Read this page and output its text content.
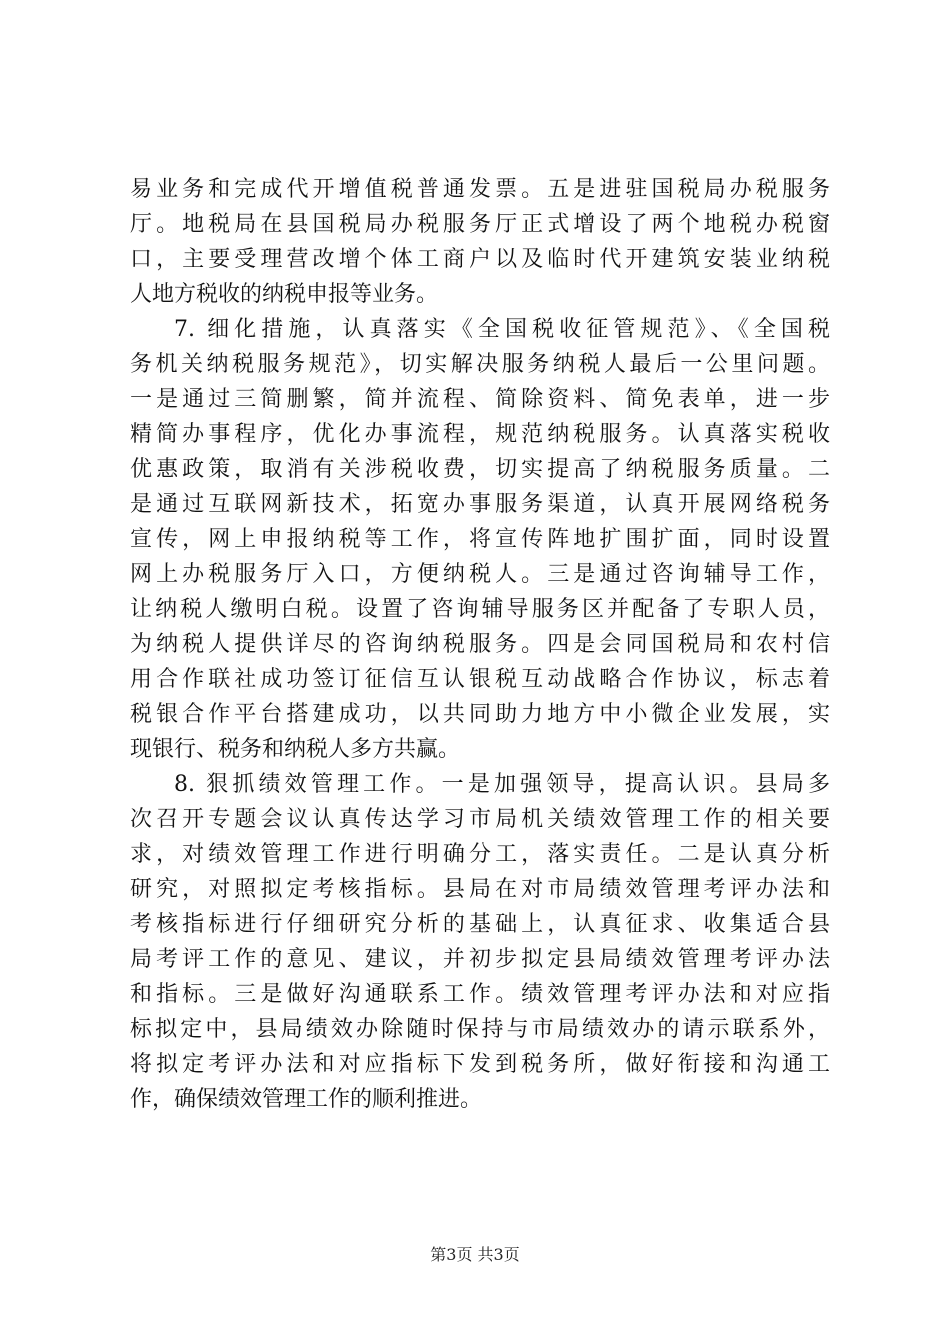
易业务和完成代开增值税普通发票。五是进驻国税局办税服务
厅。地税局在县国税局办税服务厅正式增设了两个地税办税窗
口，主要受理营改增个体工商户以及临时代开建筑安装业纳税
人地方税收的纳税申报等业务。
7. 细化措施，认真落实《全国税收征管规范》、《全国税
务机关纳税服务规范》，切实解决服务纳税人最后一公里问题。
一是通过三简删繁，简并流程、简除资料、简免表单，进一步
精简办事程序，优化办事流程，规范纳税服务。认真落实税收
优惠政策，取消有关涉税收费，切实提高了纳税服务质量。二
是通过互联网新技术，拓宽办事服务渠道，认真开展网络税务
宣传，网上申报纳税等工作，将宣传阵地扩围扩面，同时设置
网上办税服务厅入口，方便纳税人。三是通过咨询辅导工作，
让纳税人缴明白税。设置了咨询辅导服务区并配备了专职人员，
为纳税人提供详尽的咨询纳税服务。四是会同国税局和农村信
用合作联社成功签订征信互认银税互动战略合作协议，标志着
税银合作平台搭建成功，以共同助力地方中小微企业发展，实
现银行、税务和纳税人多方共赢。
8. 狠抓绩效管理工作。一是加强领导，提高认识。县局多
次召开专题会议认真传达学习市局机关绩效管理工作的相关要
求，对绩效管理工作进行明确分工，落实责任。二是认真分析
研究，对照拟定考核指标。县局在对市局绩效管理考评办法和
考核指标进行仔细研究分析的基础上，认真征求、收集适合县
局考评工作的意见、建议，并初步拟定县局绩效管理考评办法
和指标。三是做好沟通联系工作。绩效管理考评办法和对应指
标拟定中，县局绩效办除随时保持与市局绩效办的请示联系外，
将拟定考评办法和对应指标下发到税务所，做好衔接和沟通工
作，确保绩效管理工作的顺利推进。
第3页 共3页
